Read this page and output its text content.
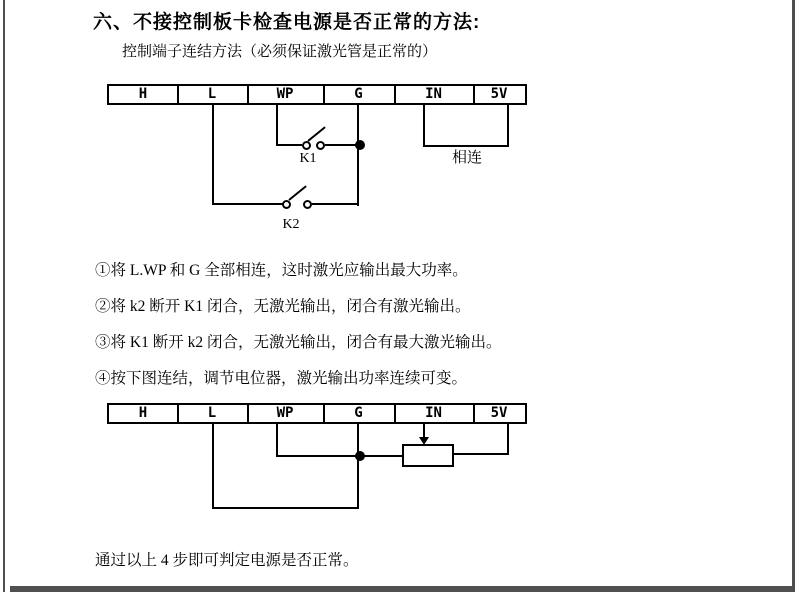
六、不接控制板卡检查电源是否正常的方法:
控制端子连结方法（必须保证激光管是正常的）
H	L	WP	G	IN	5V
K1
K2
相连
①将 L.WP 和 G 全部相连，这时激光应输出最大功率。
②将 k2 断开 K1 闭合，无激光输出，闭合有激光输出。
③将 K1 断开 k2 闭合，无激光输出，闭合有最大激光输出。
④按下图连结，调节电位器，激光输出功率连续可变。
H	L	WP	G	IN	5V
通过以上 4 步即可判定电源是否正常。
